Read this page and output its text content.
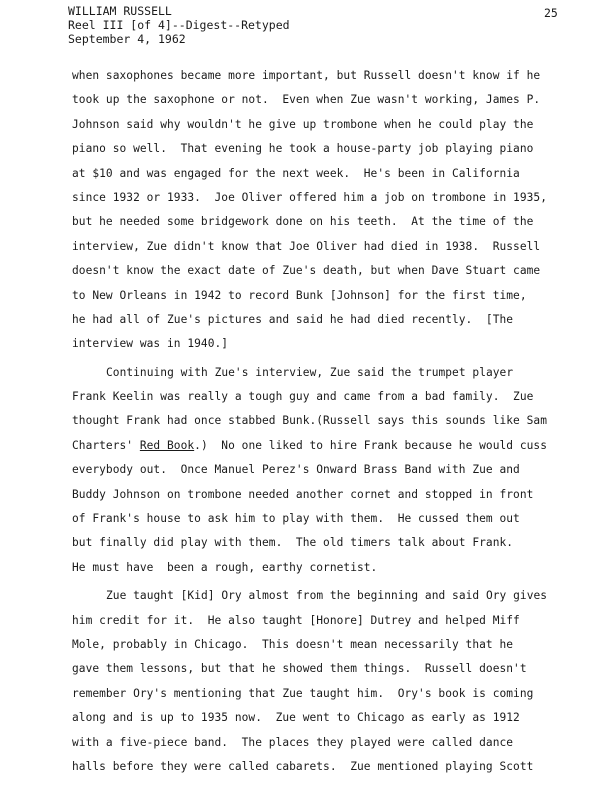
WILLIAM RUSSELL
Reel III [of 4]--Digest--Retyped
September 4, 1962
25
when saxophones became more important, but Russell doesn't know if he
took up the saxophone or not.  Even when Zue wasn't working, James P.
Johnson said why wouldn't he give up trombone when he could play the
piano so well.  That evening he took a house-party job playing piano
at $10 and was engaged for the next week.  He's been in California
since 1932 or 1933.  Joe Oliver offered him a job on trombone in 1935,
but he needed some bridgework done on his teeth.  At the time of the
interview, Zue didn't know that Joe Oliver had died in 1938.  Russell
doesn't know the exact date of Zue's death, but when Dave Stuart came
to New Orleans in 1942 to record Bunk [Johnson] for the first time,
he had all of Zue's pictures and said he had died recently.  [The
interview was in 1940.]
Continuing with Zue's interview, Zue said the trumpet player
Frank Keelin was really a tough guy and came from a bad family.  Zue
thought Frank had once stabbed Bunk.(Russell says this sounds like Sam
Charters' Red Book.)  No one liked to hire Frank because he would cuss
everybody out.  Once Manuel Perez's Onward Brass Band with Zue and
Buddy Johnson on trombone needed another cornet and stopped in front
of Frank's house to ask him to play with them.  He cussed them out
but finally did play with them.  The old timers talk about Frank.
He must have  been a rough, earthy cornetist.
Zue taught [Kid] Ory almost from the beginning and said Ory gives
him credit for it.  He also taught [Honore] Dutrey and helped Miff
Mole, probably in Chicago.  This doesn't mean necessarily that he
gave them lessons, but that he showed them things.  Russell doesn't
remember Ory's mentioning that Zue taught him.  Ory's book is coming
along and is up to 1935 now.  Zue went to Chicago as early as 1912
with a five-piece band.  The places they played were called dance
halls before they were called cabarets.  Zue mentioned playing Scott
